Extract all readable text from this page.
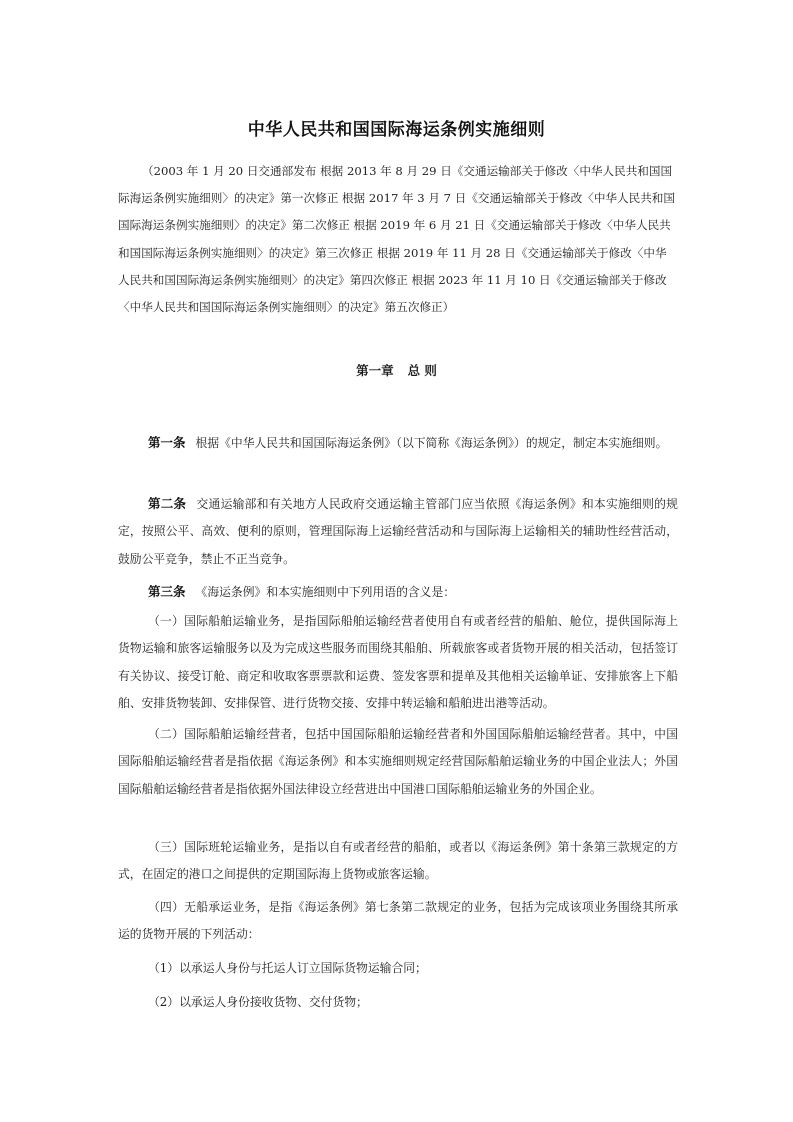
中华人民共和国国际海运条例实施细则
（2003 年 1 月 20 日交通部发布 根据 2013 年 8 月 29 日《交通运输部关于修改〈中华人民共和国国际海运条例实施细则〉的决定》第一次修正 根据 2017 年 3 月 7 日《交通运输部关于修改〈中华人民共和国国际海运条例实施细则〉的决定》第二次修正 根据 2019 年 6 月 21 日《交通运输部关于修改〈中华人民共和国国际海运条例实施细则〉的决定》第三次修正 根据 2019 年 11 月 28 日《交通运输部关于修改〈中华人民共和国国际海运条例实施细则〉的决定》第四次修正 根据 2023 年 11 月 10 日《交通运输部关于修改〈中华人民共和国国际海运条例实施细则〉的决定》第五次修正）
第一章 总 则
第一条 根据《中华人民共和国国际海运条例》（以下简称《海运条例》）的规定，制定本实施细则。
第二条 交通运输部和有关地方人民政府交通运输主管部门应当依照《海运条例》和本实施细则的规定，按照公平、高效、便利的原则，管理国际海上运输经营活动和与国际海上运输相关的辅助性经营活动，鼓励公平竞争，禁止不正当竞争。
第三条 《海运条例》和本实施细则中下列用语的含义是：
（一）国际船舶运输业务，是指国际船舶运输经营者使用自有或者经营的船舶、舱位，提供国际海上货物运输和旅客运输服务以及为完成这些服务而围绕其船舶、所载旅客或者货物开展的相关活动，包括签订有关协议、接受订舱、商定和收取客票票款和运费、签发客票和提单及其他相关运输单证、安排旅客上下船舶、安排货物装卸、安排保管、进行货物交接、安排中转运输和船舶进出港等活动。
（二）国际船舶运输经营者，包括中国国际船舶运输经营者和外国国际船舶运输经营者。其中，中国国际船舶运输经营者是指依据《海运条例》和本实施细则规定经营国际船舶运输业务的中国企业法人；外国国际船舶运输经营者是指依据外国法律设立经营进出中国港口国际船舶运输业务的外国企业。
（三）国际班轮运输业务，是指以自有或者经营的船舶，或者以《海运条例》第十条第三款规定的方式，在固定的港口之间提供的定期国际海上货物或旅客运输。
（四）无船承运业务，是指《海运条例》第七条第二款规定的业务，包括为完成该项业务围绕其所承运的货物开展的下列活动：
（1）以承运人身份与托运人订立国际货物运输合同；
（2）以承运人身份接收货物、交付货物；
